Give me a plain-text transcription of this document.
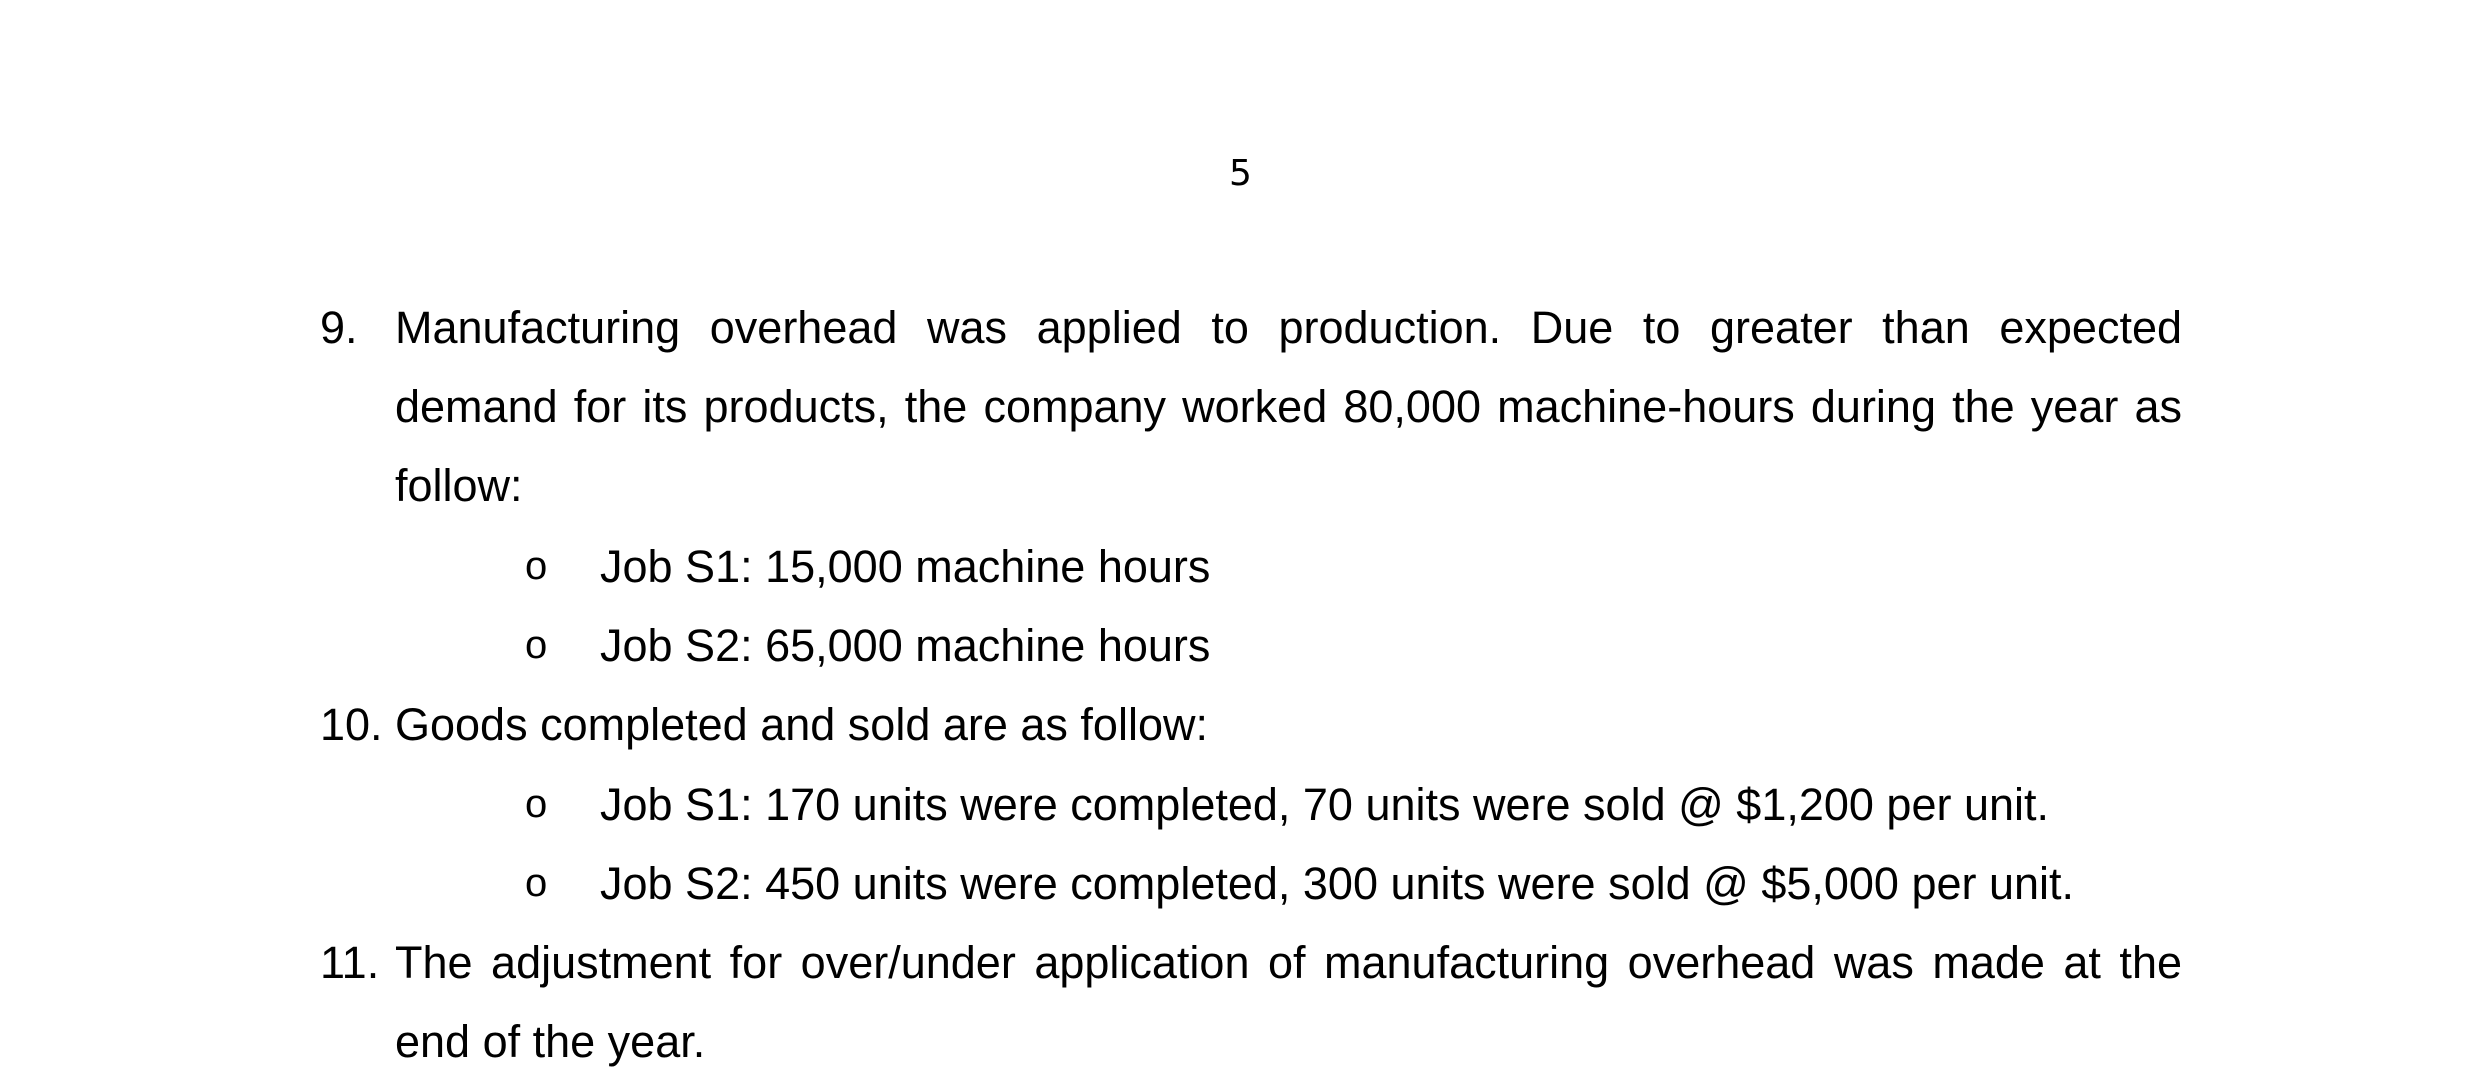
5
9. Manufacturing overhead was applied to production. Due to greater than expected demand for its products, the company worked 80,000 machine-hours during the year as follow:
o Job S1: 15,000 machine hours
o Job S2: 65,000 machine hours
10. Goods completed and sold are as follow:
o Job S1: 170 units were completed, 70 units were sold @ $1,200 per unit.
o Job S2: 450 units were completed, 300 units were sold @ $5,000 per unit.
11. The adjustment for over/under application of manufacturing overhead was made at the end of the year.
